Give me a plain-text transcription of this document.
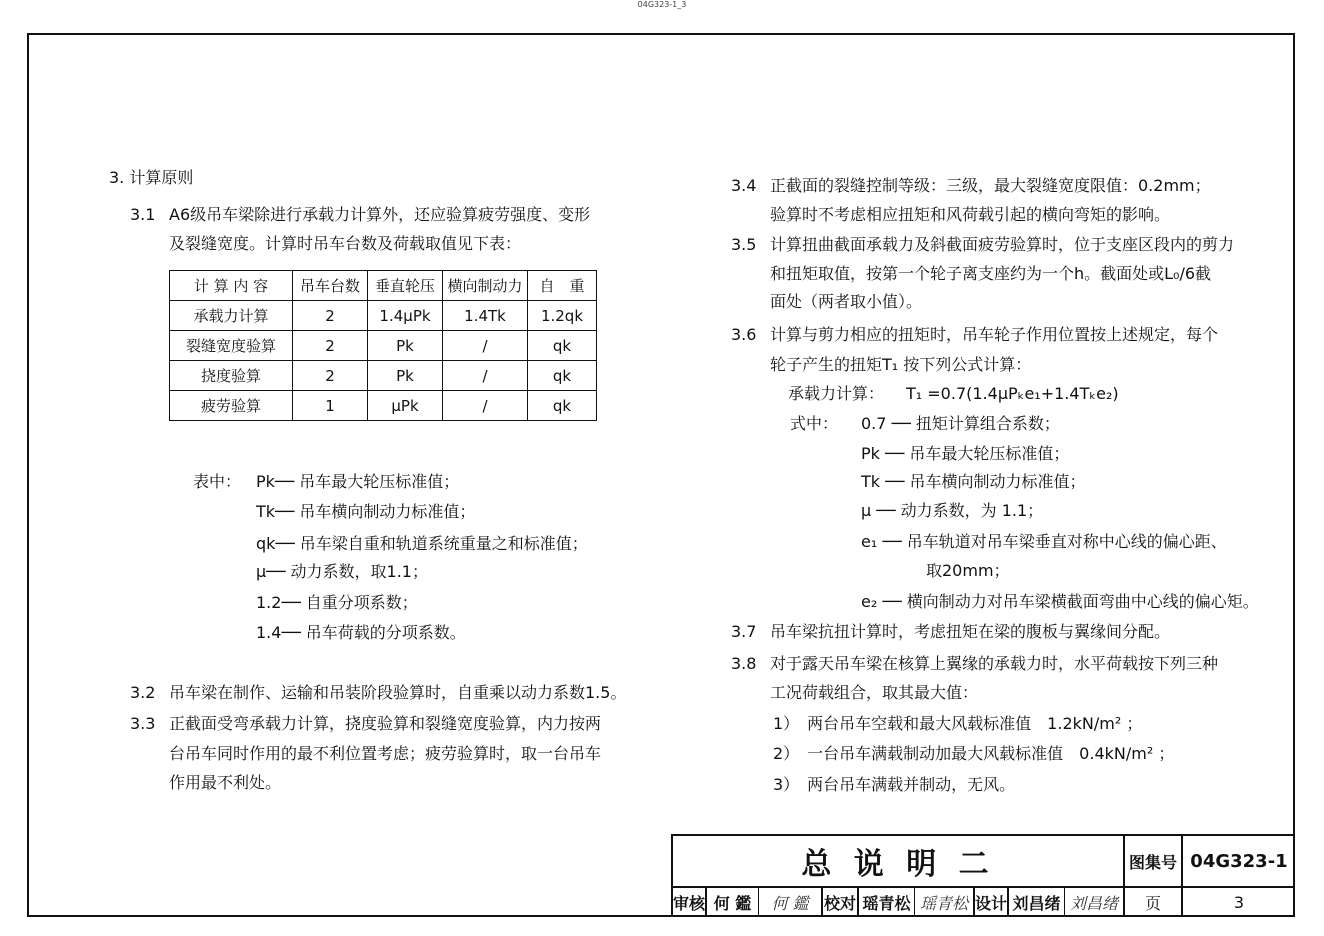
04G323-1_3
3. 计算原则
3.1 A6级吊车梁除进行承载力计算外，还应验算疲劳强度、变形
及裂缝宽度。计算时吊车台数及荷载取值见下表：
计 算 内 容	吊车台数	垂直轮压	横向制动力	自　重
承载力计算	2	1.4μPk	1.4Tk	1.2qk
裂缝宽度验算	2	Pk	/	qk
挠度验算	2	Pk	/	qk
疲劳验算	1	μPk	/	qk
表中： Pk── 吊车最大轮压标准值；
Tk── 吊车横向制动力标准值；
qk── 吊车梁自重和轨道系统重量之和标准值；
μ── 动力系数，取1.1；
1.2── 自重分项系数；
1.4── 吊车荷载的分项系数。
3.2 吊车梁在制作、运输和吊装阶段验算时，自重乘以动力系数1.5。
3.3 正截面受弯承载力计算，挠度验算和裂缝宽度验算，内力按两
台吊车同时作用的最不利位置考虑；疲劳验算时，取一台吊车
作用最不利处。
3.4 正截面的裂缝控制等级：三级，最大裂缝宽度限值：0.2mm；
验算时不考虑相应扭矩和风荷载引起的横向弯矩的影响。
3.5 计算扭曲截面承载力及斜截面疲劳验算时，位于支座区段内的剪力
和扭矩取值，按第一个轮子离支座约为一个h。截面处或L₀/6截
面处（两者取小值）。
3.6 计算与剪力相应的扭矩时，吊车轮子作用位置按上述规定，每个
轮子产生的扭矩T₁ 按下列公式计算：
承载力计算： T₁ =0.7(1.4μPₖe₁+1.4Tₖe₂)
式中： 0.7 ── 扭矩计算组合系数；
Pk ── 吊车最大轮压标准值；
Tk ── 吊车横向制动力标准值；
μ ── 动力系数，为 1.1；
e₁ ── 吊车轨道对吊车梁垂直对称中心线的偏心距、
取20mm；
e₂ ── 横向制动力对吊车梁横截面弯曲中心线的偏心矩。
3.7 吊车梁抗扭计算时，考虑扭矩在梁的腹板与翼缘间分配。
3.8 对于露天吊车梁在核算上翼缘的承载力时，水平荷载按下列三种
工况荷载组合，取其最大值：
1）　两台吊车空载和最大风载标准值　1.2kN/m² ；
2）　一台吊车满载制动加最大风载标准值　0.4kN/m² ；
3）　两台吊车满载并制动，无风。
总 说 明 二	图集号 04G323-1
审核 何 鑑	何 鑑 校对 瑶青松 瑶青松 设计 刘昌绪 刘昌绪	页	3
